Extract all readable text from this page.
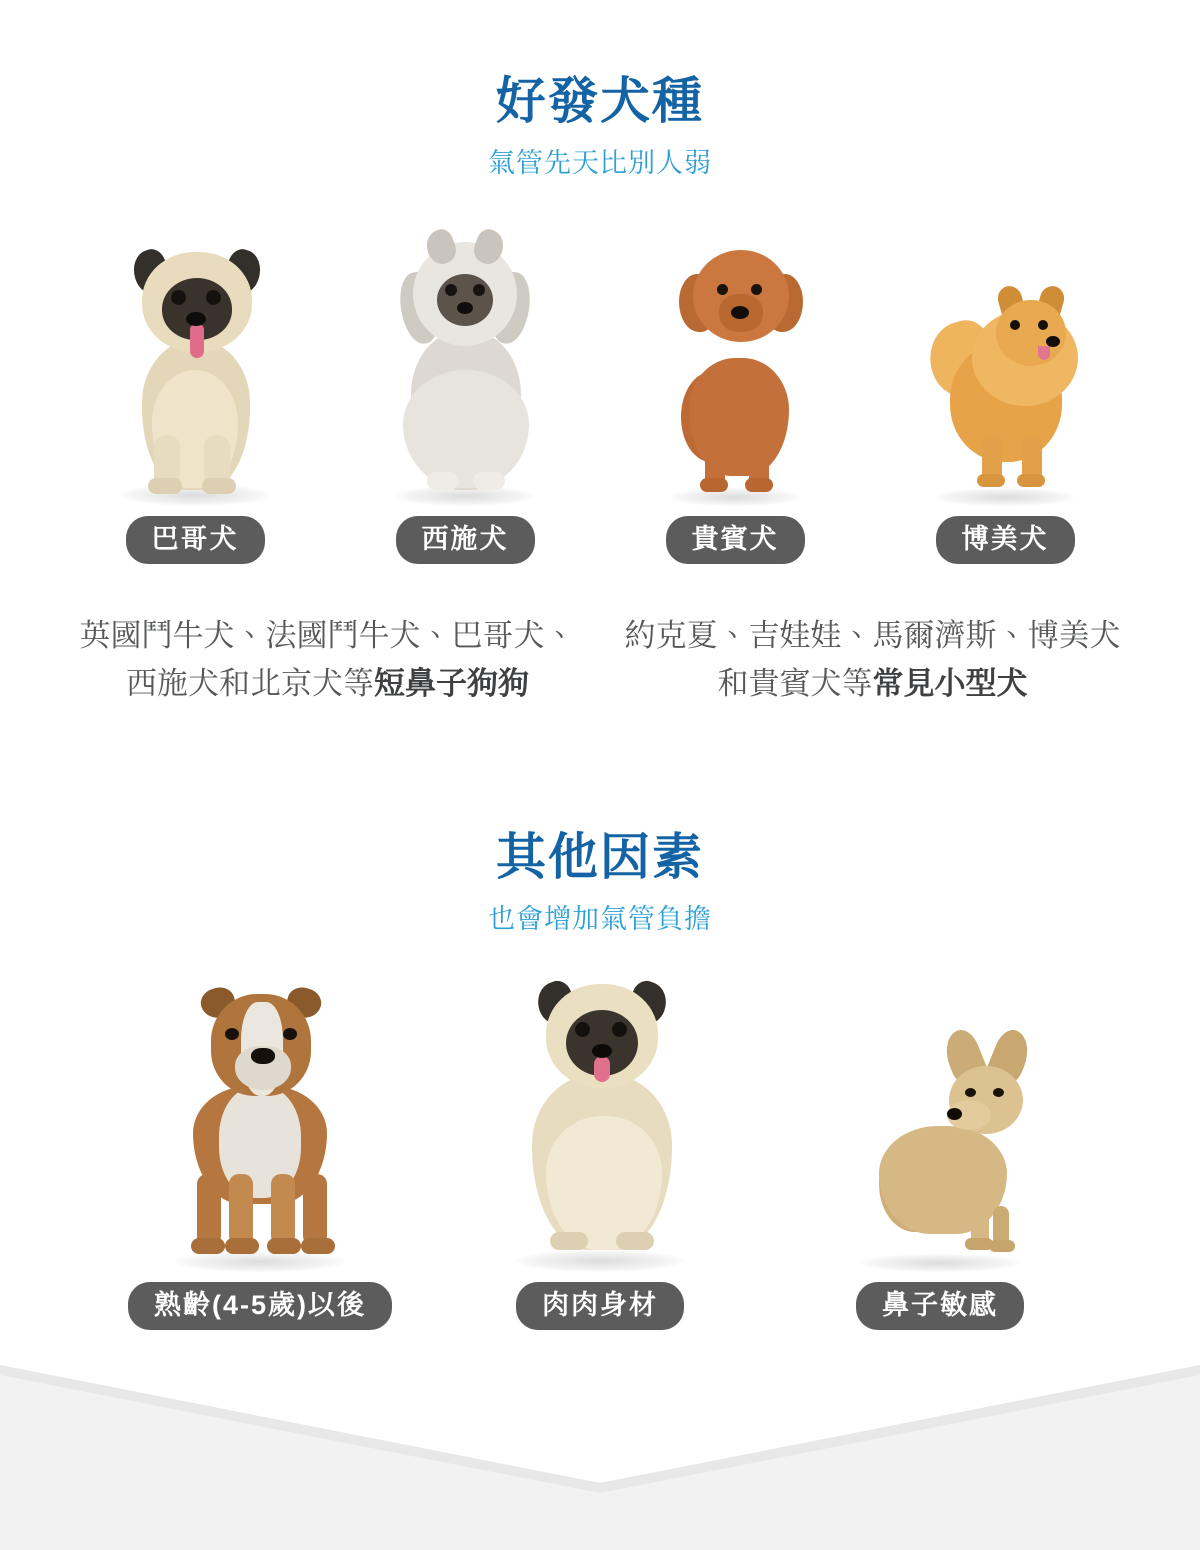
好發犬種
氣管先天比別人弱
巴哥犬	西施犬	貴賓犬	博美犬
英國鬥牛犬、法國鬥牛犬、巴哥犬、
西施犬和北京犬等短鼻子狗狗
約克夏、吉娃娃、馬爾濟斯、博美犬
和貴賓犬等常見小型犬
其他因素
也會增加氣管負擔
熟齡(4-5歲)以後	肉肉身材	鼻子敏感
